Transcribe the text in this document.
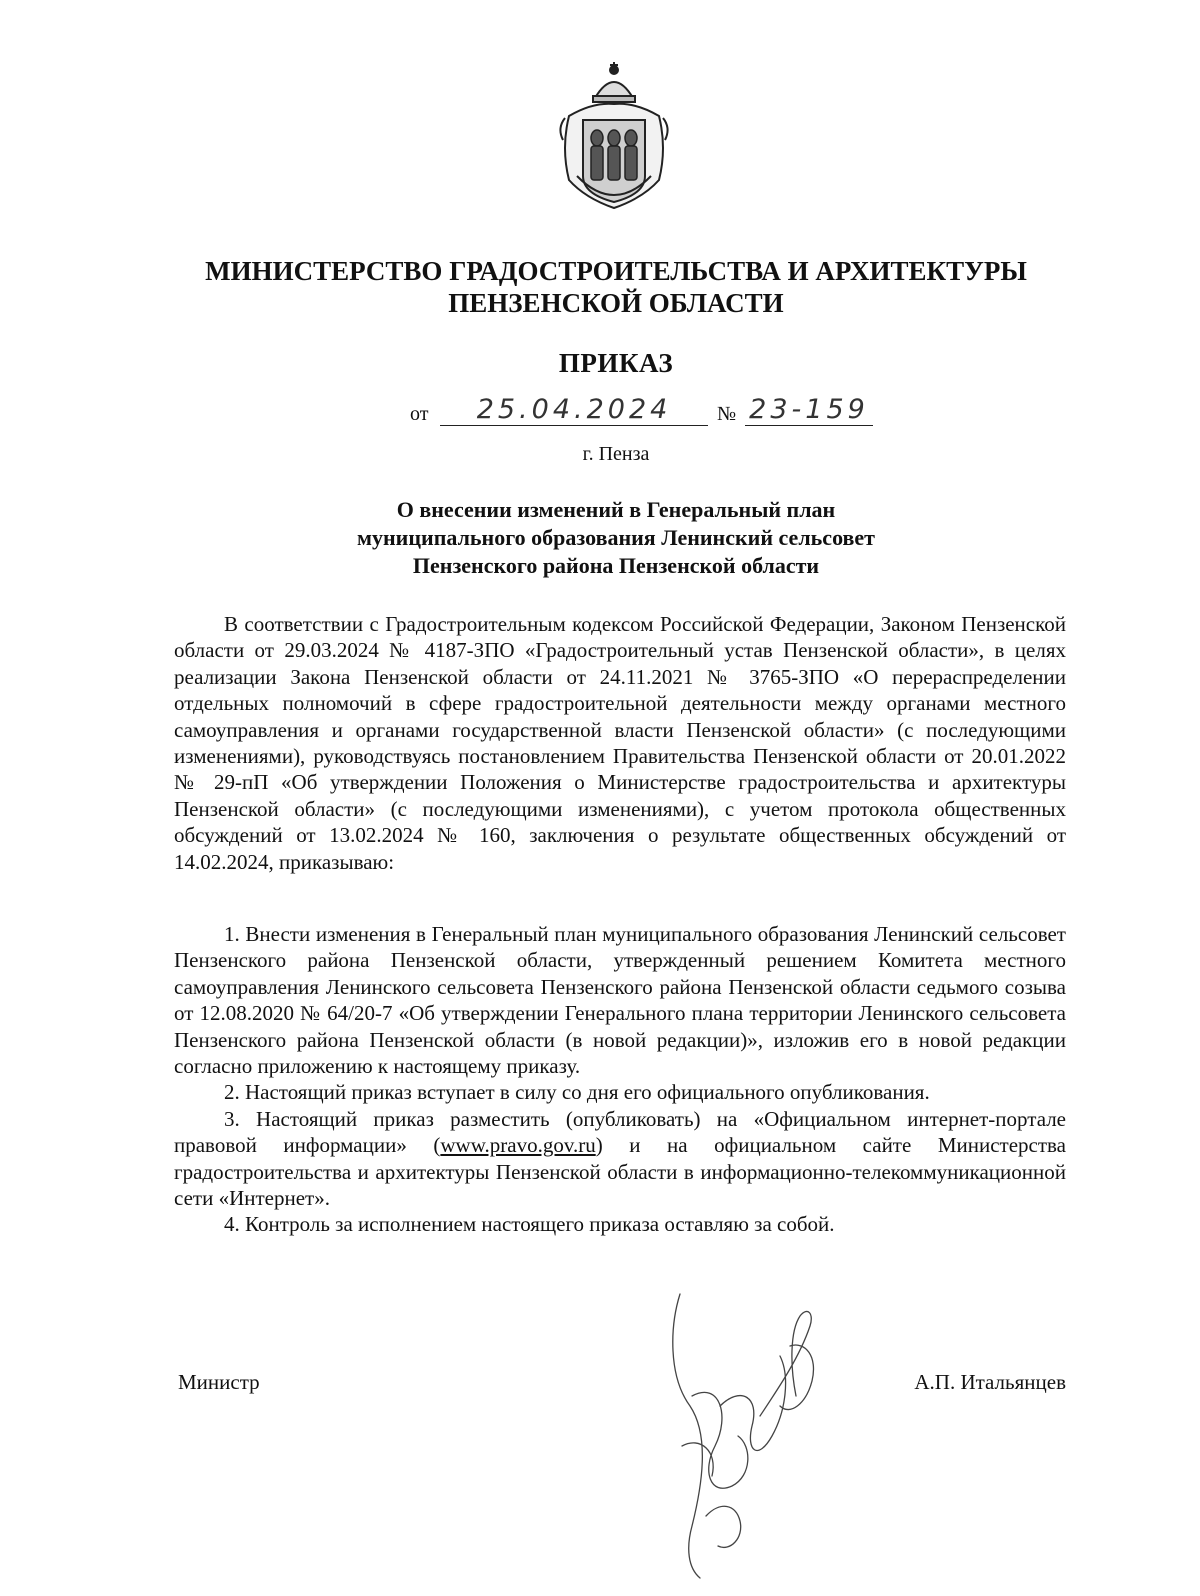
МИНИСТЕРСТВО ГРАДОСТРОИТЕЛЬСТВА И АРХИТЕКТУРЫ
ПЕНЗЕНСКОЙ ОБЛАСТИ
ПРИКАЗ
от	25.04.2024	№ 23-159
г. Пенза
О внесении изменений в Генеральный план
муниципального образования Ленинский сельсовет
Пензенского района Пензенской области

В соответствии с Градостроительным кодексом Российской Федерации, Законом Пензенской области от 29.03.2024 № 4187-ЗПО «Градостроительный устав Пензенской области», в целях реализации Закона Пензенской области от 24.11.2021 № 3765-ЗПО «О перераспределении отдельных полномочий в сфере градостроительной деятельности между органами местного самоуправления и органами государственной власти Пензенской области» (с последующими изменениями), руководствуясь постановлением Правительства Пензенской области от 20.01.2022 № 29-пП «Об утверждении Положения о Министерстве градостроительства и архитектуры Пензенской области» (с последующими изменениями), с учетом протокола общественных обсуждений от 13.02.2024 № 160, заключения о результате общественных обсуждений от 14.02.2024, приказываю:

1. Внести изменения в Генеральный план муниципального образования Ленинский сельсовет Пензенского района Пензенской области, утвержденный решением Комитета местного самоуправления Ленинского сельсовета Пензенского района Пензенской области седьмого созыва от 12.08.2020 № 64/20-7 «Об утверждении Генерального плана территории Ленинского сельсовета Пензенского района Пензенской области (в новой редакции)», изложив его в новой редакции согласно приложению к настоящему приказу.

2. Настоящий приказ вступает в силу со дня его официального опубликования.

3. Настоящий приказ разместить (опубликовать) на «Официальном интернет-портале правовой информации» (www.pravo.gov.ru) и на официальном сайте Министерства градостроительства и архитектуры Пензенской области в информационно-телекоммуникационной сети «Интернет».

4. Контроль за исполнением настоящего приказа оставляю за собой.

Министр	А.П. Итальянцев
